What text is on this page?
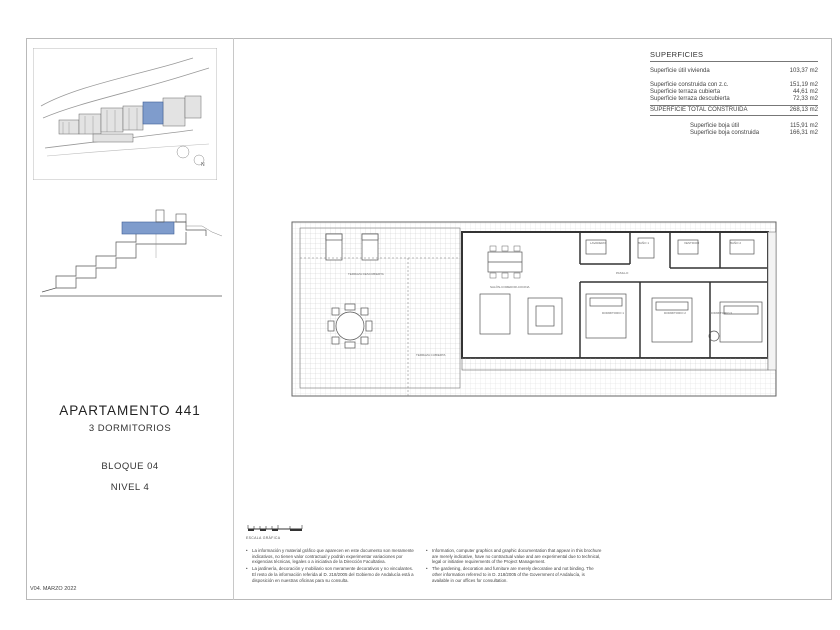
N
APARTAMENTO 441
3 DORMITORIOS
BLOQUE 04
NIVEL 4
V04. MARZO 2022
SUPERFICIES
Superficie útil vivienda	103,37 m2
Superficie construida con z.c.	151,19 m2
Superficie terraza cubierta	44,61 m2
Superficie terraza descubierta	72,33 m2
SUPERFICIE TOTAL CONSTRUIDA	268,13 m2
Superficie boja útil	115,91 m2
Superficie boja construida	166,31 m2
TERRAZA DESCUBIERTA
TERRAZA CUBIERTA
SALÓN-COMEDOR-COCINA
PASILLO
DORMITORIO 1	DORMITORIO 2	DORMITORIO 3
LAVADERO	BAÑO 1	VESTIDOR	BAÑO 2
ESCALA GRÁFICA
• La información y material gráfico que aparecen en este documento son meramente indicativos, no tienen valor contractual y podrán experimentar variaciones por exigencias técnicas, legales o a iniciativa de la Dirección Facultativa.
• La jardinería, decoración y mobiliario son meramente decorativos y no vinculantes. El resto de la información referida al D. 218/2005 del Gobierno de Andalucía está a disposición en nuestras oficinas para su consulta.
• Information, computer graphics and graphic documentation that appear in this brochure are merely indicative, have no contractual value and are experimental due to technical, legal or initiative requirements of the Project Management.
• The gardening, decoration and furniture are merely decorative and not binding. The other information referred to in D. 218/2005 of the Government of Andalucía, is available in our offices for consultation.
